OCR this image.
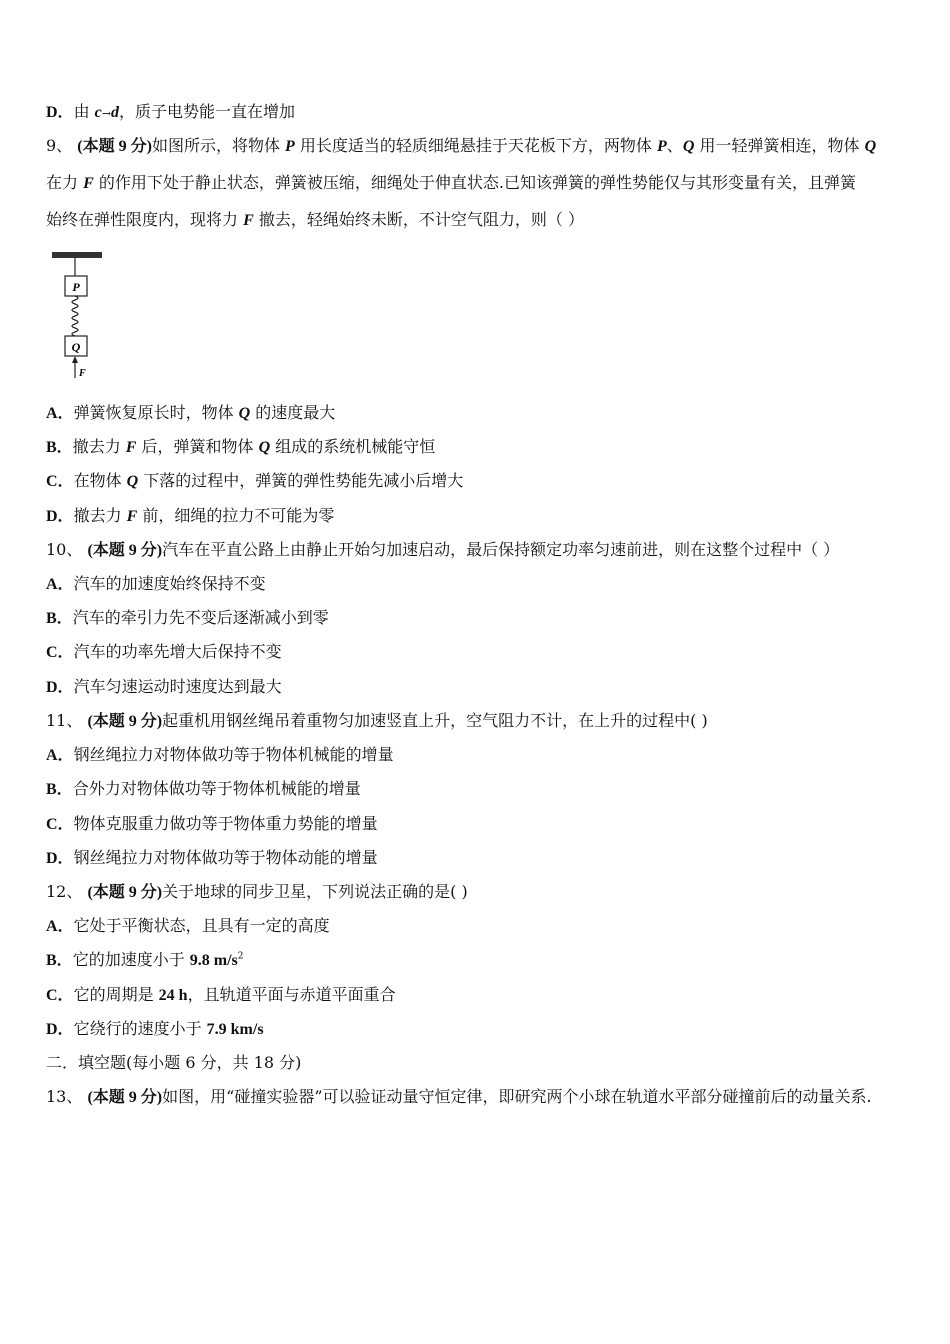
D．由 c→d，质子电势能一直在增加
9、 (本题 9 分)如图所示，将物体 P 用长度适当的轻质细绳悬挂于天花板下方，两物体 P、Q 用一轻弹簧相连，物体 Q
在力 F 的作用下处于静止状态，弹簧被压缩，细绳处于伸直状态.已知该弹簧的弹性势能仅与其形变量有关，且弹簧
始终在弹性限度内，现将力 F 撤去，轻绳始终未断，不计空气阻力，则（ ）
P
Q
F
A．弹簧恢复原长时，物体 Q 的速度最大
B．撤去力 F 后，弹簧和物体 Q 组成的系统机械能守恒
C．在物体 Q 下落的过程中，弹簧的弹性势能先减小后增大
D．撤去力 F 前，细绳的拉力不可能为零
10、 (本题 9 分)汽车在平直公路上由静止开始匀加速启动，最后保持额定功率匀速前进，则在这整个过程中（ ）
A．汽车的加速度始终保持不变
B．汽车的牵引力先不变后逐渐减小到零
C．汽车的功率先增大后保持不变
D．汽车匀速运动时速度达到最大
11、 (本题 9 分)起重机用钢丝绳吊着重物匀加速竖直上升，空气阻力不计，在上升的过程中( )
A．钢丝绳拉力对物体做功等于物体机械能的增量
B．合外力对物体做功等于物体机械能的增量
C．物体克服重力做功等于物体重力势能的增量
D．钢丝绳拉力对物体做功等于物体动能的增量
12、 (本题 9 分)关于地球的同步卫星，下列说法正确的是( )
A．它处于平衡状态，且具有一定的高度
B．它的加速度小于 9.8 $m/s^2$
C．它的周期是 24 h，且轨道平面与赤道平面重合
D．它绕行的速度小于 7.9 km/s
二．填空题(每小题 6 分，共 18 分)
13、 (本题 9 分)如图，用“碰撞实验器”可以验证动量守恒定律，即研究两个小球在轨道水平部分碰撞前后的动量关系.
